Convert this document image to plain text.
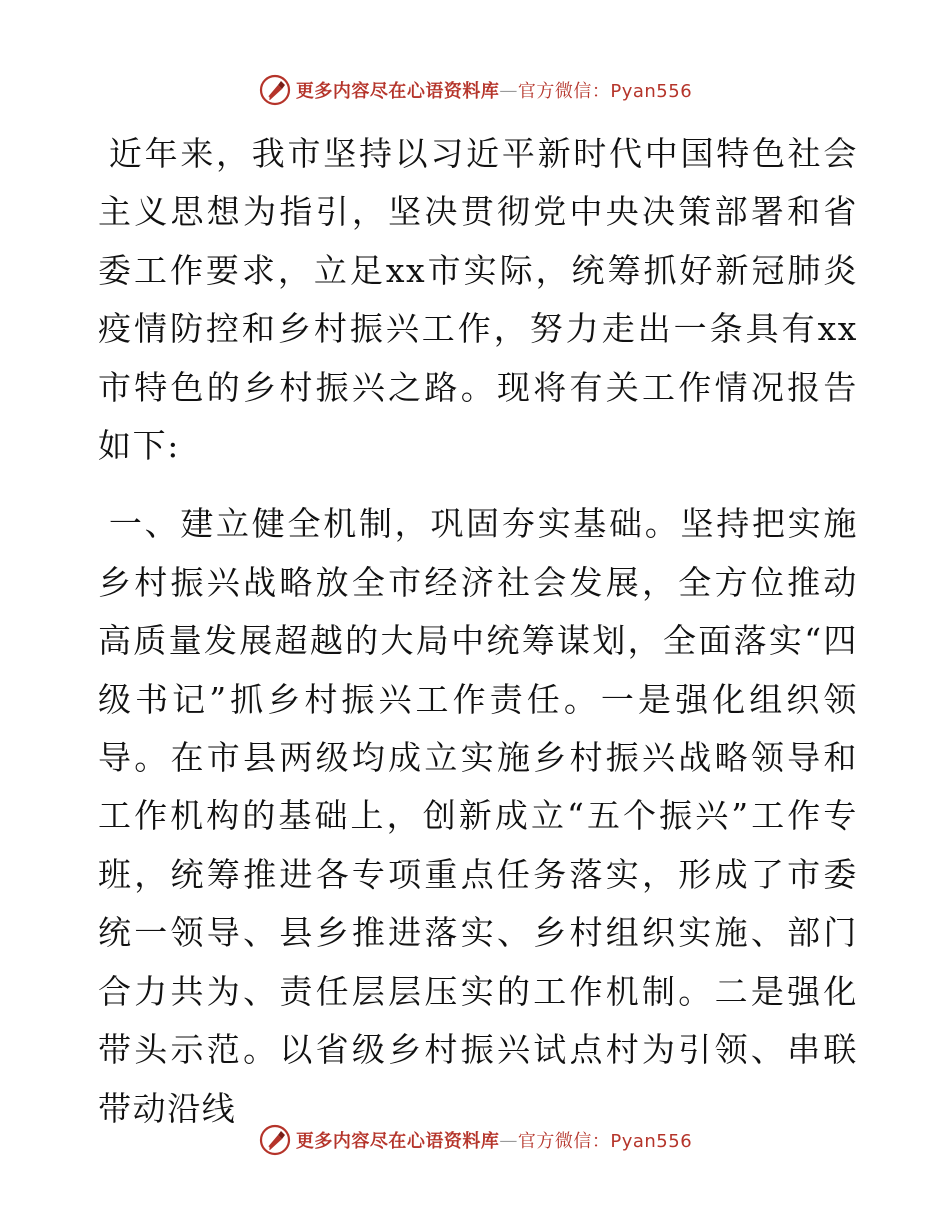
更多内容尽在心语资料库 — 官方微信：Pyan556

近年来，我市坚持以习近平新时代中国特色社会主义思想为指引，坚决贯彻党中央决策部署和省委工作要求，立足xx市实际，统筹抓好新冠肺炎疫情防控和乡村振兴工作，努力走出一条具有xx市特色的乡村振兴之路。现将有关工作情况报告如下:

一、建立健全机制，巩固夯实基础。坚持把实施乡村振兴战略放全市经济社会发展，全方位推动高质量发展超越的大局中统筹谋划，全面落实“四级书记”抓乡村振兴工作责任。一是强化组织领导。在市县两级均成立实施乡村振兴战略领导和工作机构的基础上，创新成立“五个振兴”工作专班，统筹推进各专项重点任务落实，形成了市委统一领导、县乡推进落实、乡村组织实施、部门合力共为、责任层层压实的工作机制。二是强化带头示范。以省级乡村振兴试点村为引领、串联带动沿线

更多内容尽在心语资料库 — 官方微信：Pyan556
